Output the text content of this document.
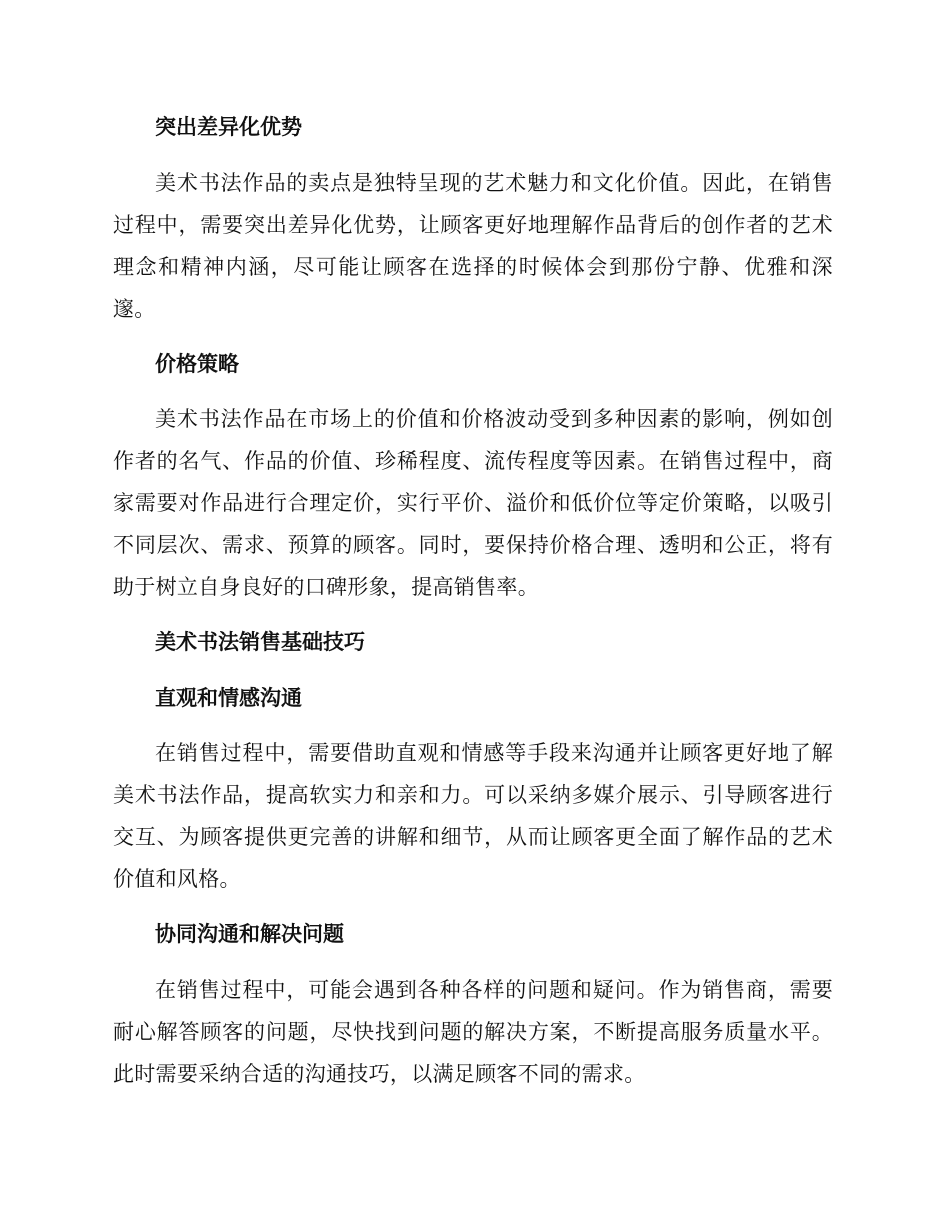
突出差异化优势

美术书法作品的卖点是独特呈现的艺术魅力和文化价值。因此，在销售过程中，需要突出差异化优势，让顾客更好地理解作品背后的创作者的艺术理念和精神内涵，尽可能让顾客在选择的时候体会到那份宁静、优雅和深邃。

价格策略

美术书法作品在市场上的价值和价格波动受到多种因素的影响，例如创作者的名气、作品的价值、珍稀程度、流传程度等因素。在销售过程中，商家需要对作品进行合理定价，实行平价、溢价和低价位等定价策略，以吸引不同层次、需求、预算的顾客。同时，要保持价格合理、透明和公正，将有助于树立自身良好的口碑形象，提高销售率。

美术书法销售基础技巧
直观和情感沟通

在销售过程中，需要借助直观和情感等手段来沟通并让顾客更好地了解美术书法作品，提高软实力和亲和力。可以采纳多媒介展示、引导顾客进行交互、为顾客提供更完善的讲解和细节，从而让顾客更全面了解作品的艺术价值和风格。

协同沟通和解决问题

在销售过程中，可能会遇到各种各样的问题和疑问。作为销售商，需要耐心解答顾客的问题，尽快找到问题的解决方案，不断提高服务质量水平。此时需要采纳合适的沟通技巧，以满足顾客不同的需求。
